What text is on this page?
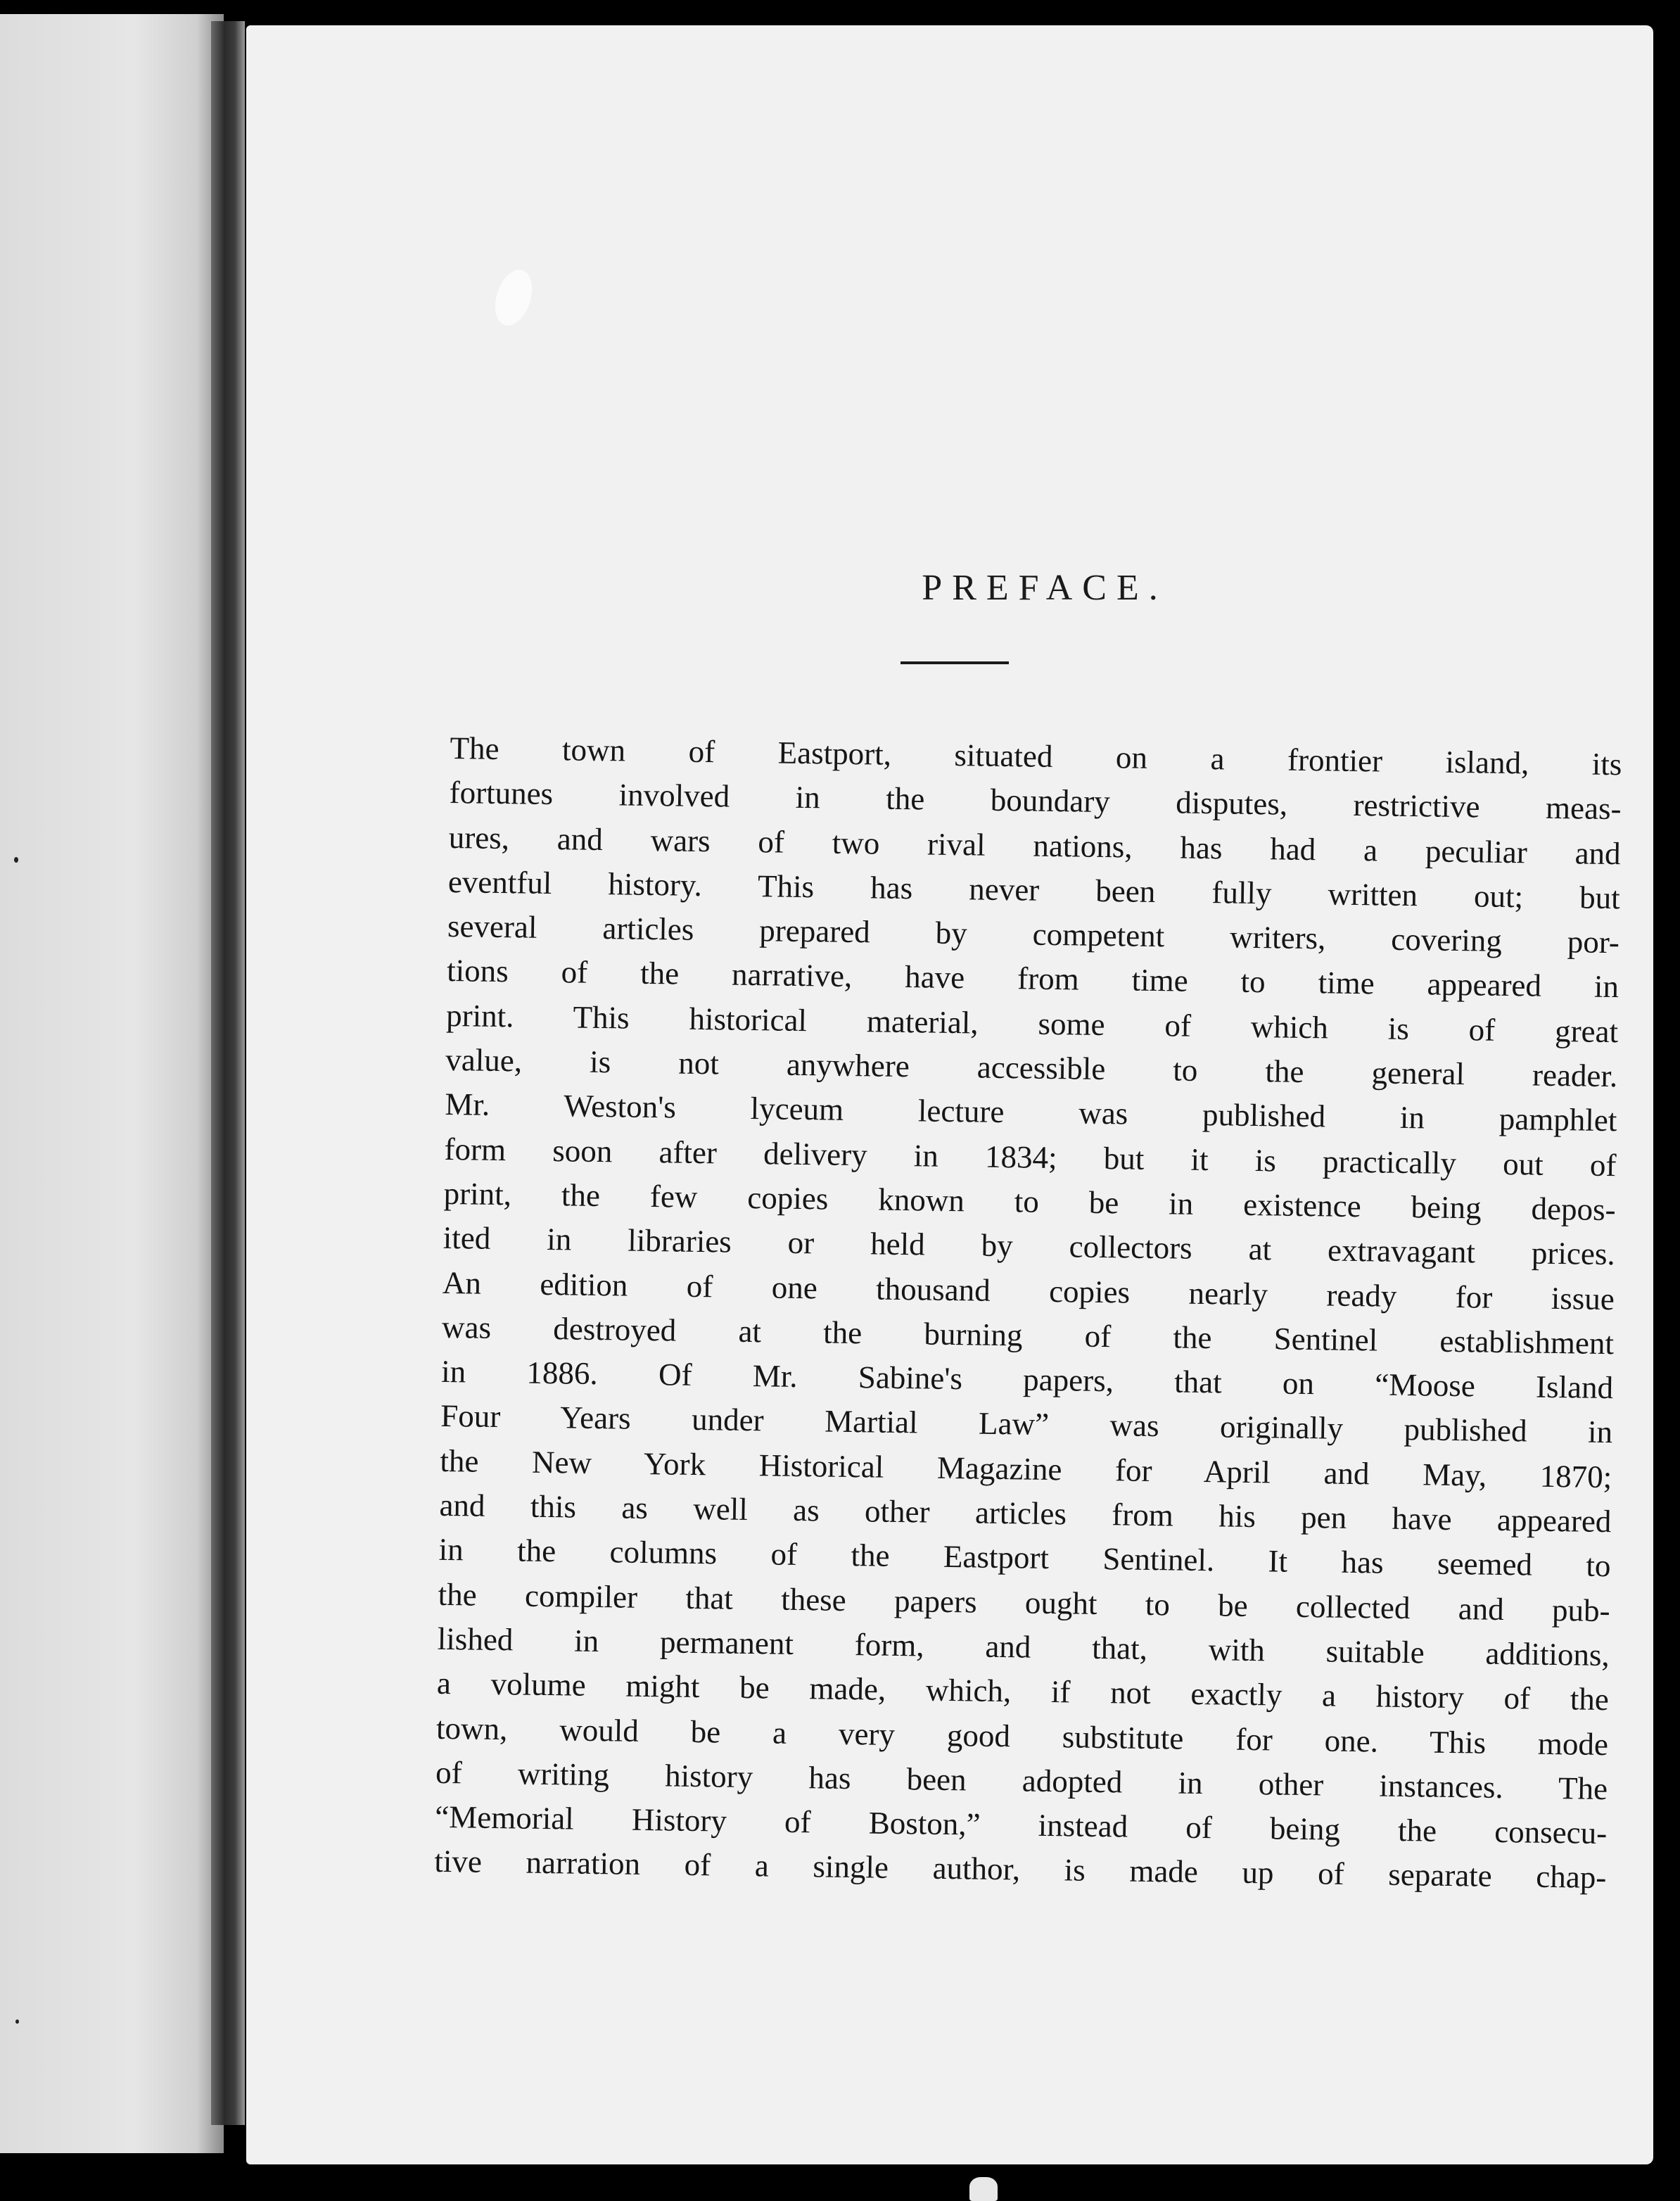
PREFACE.
The town of Eastport, situated on a frontier island, its
fortunes involved in the boundary disputes, restrictive meas-
ures, and wars of two rival nations, has had a peculiar and
eventful history. This has never been fully written out; but
several articles prepared by competent writers, covering por-
tions of the narrative, have from time to time appeared in
print. This historical material, some of which is of great
value, is not anywhere accessible to the general reader.
Mr. Weston's lyceum lecture was published in pamphlet
form soon after delivery in 1834; but it is practically out of
print, the few copies known to be in existence being depos-
ited in libraries or held by collectors at extravagant prices.
An edition of one thousand copies nearly ready for issue
was destroyed at the burning of the Sentinel establishment
in 1886. Of Mr. Sabine's papers, that on “Moose Island
Four Years under Martial Law” was originally published in
the New York Historical Magazine for April and May, 1870;
and this as well as other articles from his pen have appeared
in the columns of the Eastport Sentinel. It has seemed to
the compiler that these papers ought to be collected and pub-
lished in permanent form, and that, with suitable additions,
a volume might be made, which, if not exactly a history of the
town, would be a very good substitute for one. This mode
of writing history has been adopted in other instances. The
“Memorial History of Boston,” instead of being the consecu-
tive narration of a single author, is made up of separate chap-
